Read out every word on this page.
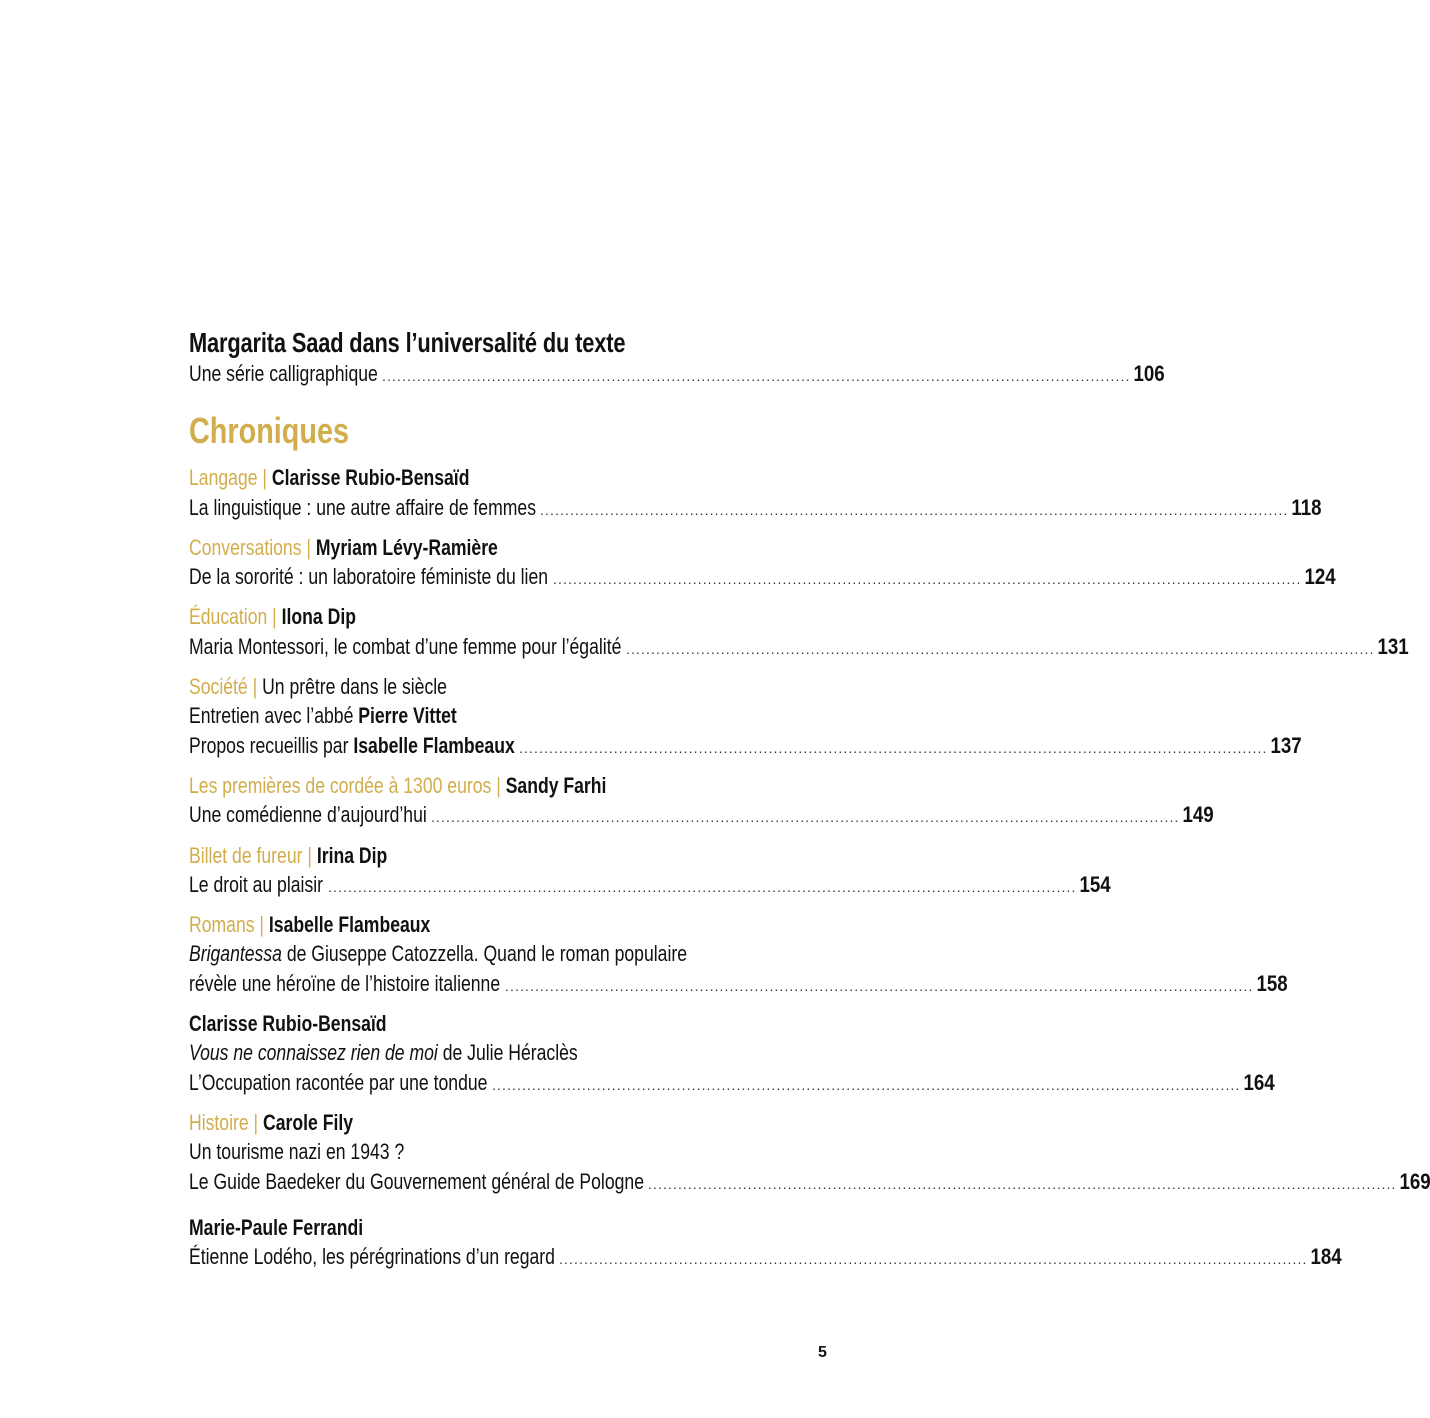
Margarita Saad dans l’universalité du texte
Une série calligraphique ...................................................................................................................................................... 106
Chroniques
Langage | Clarisse Rubio-Bensaïd
La linguistique : une autre affaire de femmes ...................................................................................................................................................... 118
Conversations | Myriam Lévy-Ramière
De la sororité : un laboratoire féministe du lien ...................................................................................................................................................... 124
Éducation | Ilona Dip
Maria Montessori, le combat d’une femme pour l’égalité ...................................................................................................................................................... 131
Société | Un prêtre dans le siècle
Entretien avec l’abbé Pierre Vittet
Propos recueillis par Isabelle Flambeaux ...................................................................................................................................................... 137
Les premières de cordée à 1300 euros | Sandy Farhi
Une comédienne d’aujourd’hui ...................................................................................................................................................... 149
Billet de fureur | Irina Dip
Le droit au plaisir ...................................................................................................................................................... 154
Romans | Isabelle Flambeaux
Brigantessa de Giuseppe Catozzella. Quand le roman populaire
révèle une héroïne de l’histoire italienne ...................................................................................................................................................... 158
Clarisse Rubio-Bensaïd
Vous ne connaissez rien de moi de Julie Héraclès
L’Occupation racontée par une tondue ...................................................................................................................................................... 164
Histoire | Carole Fily
Un tourisme nazi en 1943 ?
Le Guide Baedeker du Gouvernement général de Pologne ...................................................................................................................................................... 169
Marie-Paule Ferrandi
Étienne Lodého, les pérégrinations d’un regard ...................................................................................................................................................... 184
5
